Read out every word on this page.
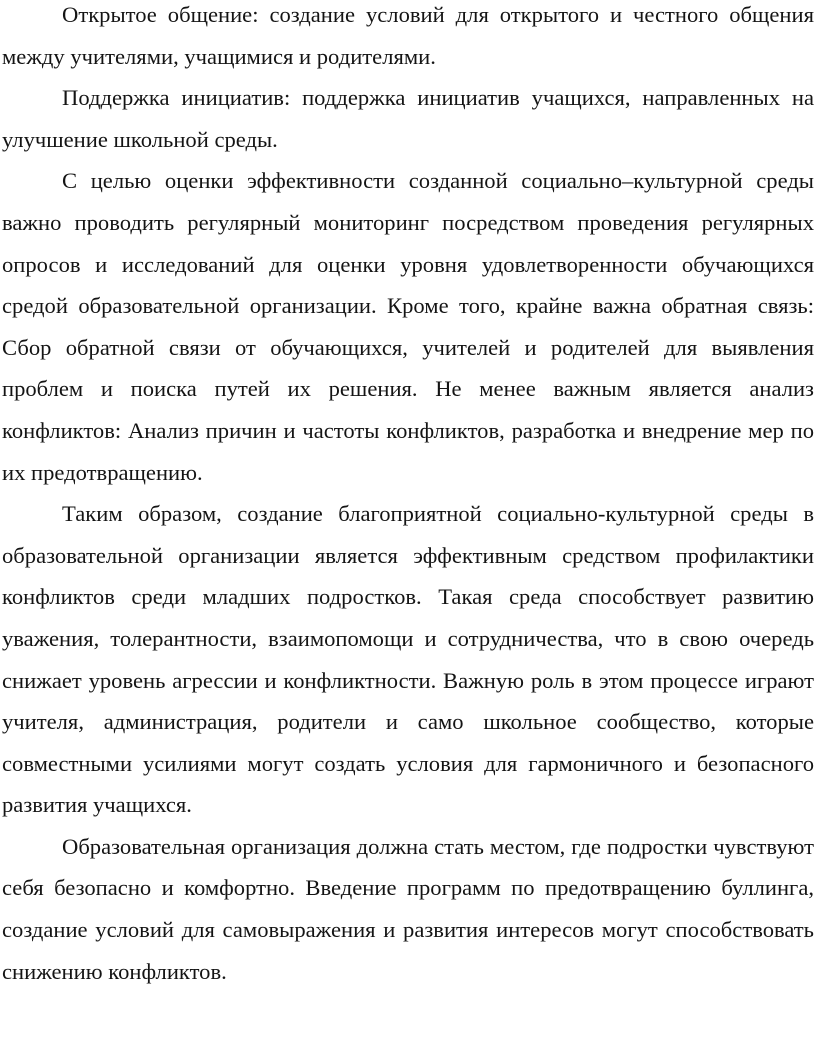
Открытое общение: создание условий для открытого и честного общения между учителями, учащимися и родителями.

Поддержка инициатив: поддержка инициатив учащихся, направленных на улучшение школьной среды.

С целью оценки эффективности созданной социально–культурной среды важно проводить регулярный мониторинг посредством проведения регулярных опросов и исследований для оценки уровня удовлетворенности обучающихся средой образовательной организации. Кроме того, крайне важна обратная связь: Сбор обратной связи от обучающихся, учителей и родителей для выявления проблем и поиска путей их решения. Не менее важным является анализ конфликтов: Анализ причин и частоты конфликтов, разработка и внедрение мер по их предотвращению.

Таким образом, создание благоприятной социально-культурной среды в образовательной организации является эффективным средством профилактики конфликтов среди младших подростков. Такая среда способствует развитию уважения, толерантности, взаимопомощи и сотрудничества, что в свою очередь снижает уровень агрессии и конфликтности. Важную роль в этом процессе играют учителя, администрация, родители и само школьное сообщество, которые совместными усилиями могут создать условия для гармоничного и безопасного развития учащихся.

Образовательная организация должна стать местом, где подростки чувствуют себя безопасно и комфортно. Введение программ по предотвращению буллинга, создание условий для самовыражения и развития интересов могут способствовать снижению конфликтов.
